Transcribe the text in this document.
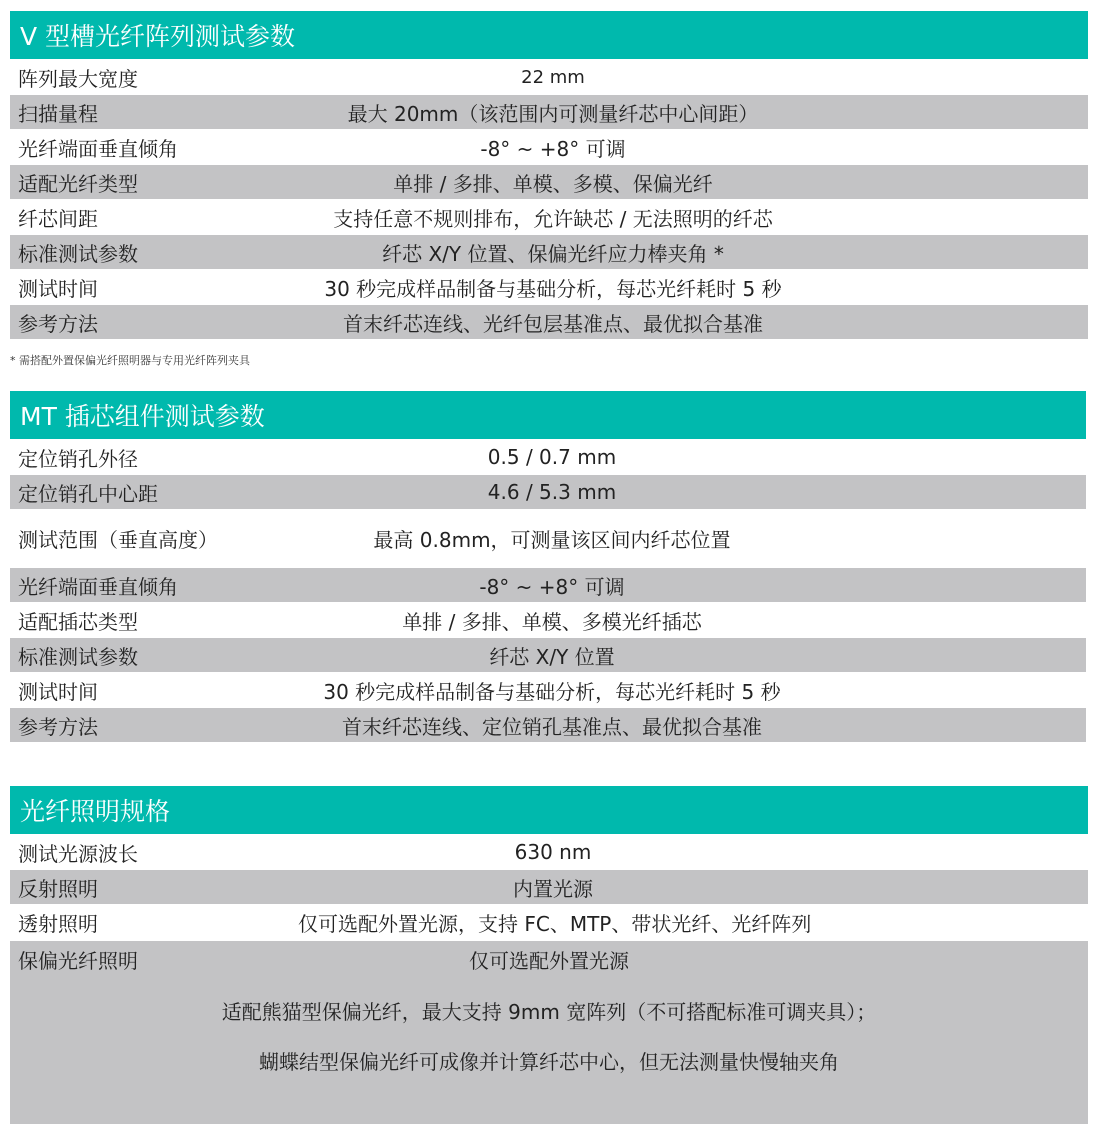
V 型槽光纤阵列测试参数
阵列最大宽度	22 mm
扫描量程	最大 20mm（该范围内可测量纤芯中心间距）
光纤端面垂直倾角	-8° ~ +8° 可调
适配光纤类型	单排 / 多排、单模、多模、保偏光纤
纤芯间距	支持任意不规则排布，允许缺芯 / 无法照明的纤芯
标准测试参数	纤芯 X/Y 位置、保偏光纤应力棒夹角 *
测试时间	30 秒完成样品制备与基础分析，每芯光纤耗时 5 秒
参考方法	首末纤芯连线、光纤包层基准点、最优拟合基准
* 需搭配外置保偏光纤照明器与专用光纤阵列夹具
MT 插芯组件测试参数
定位销孔外径	0.5 / 0.7 mm
定位销孔中心距	4.6 / 5.3 mm
测试范围（垂直高度）	最高 0.8mm，可测量该区间内纤芯位置
光纤端面垂直倾角	-8° ~ +8° 可调
适配插芯类型	单排 / 多排、单模、多模光纤插芯
标准测试参数	纤芯 X/Y 位置
测试时间	30 秒完成样品制备与基础分析，每芯光纤耗时 5 秒
参考方法	首末纤芯连线、定位销孔基准点、最优拟合基准
光纤照明规格
测试光源波长	630 nm
反射照明	内置光源
透射照明	仅可选配外置光源，支持 FC、MTP、带状光纤、光纤阵列
保偏光纤照明	仅可选配外置光源
适配熊猫型保偏光纤，最大支持 9mm 宽阵列（不可搭配标准可调夹具）；
蝴蝶结型保偏光纤可成像并计算纤芯中心，但无法测量快慢轴夹角
